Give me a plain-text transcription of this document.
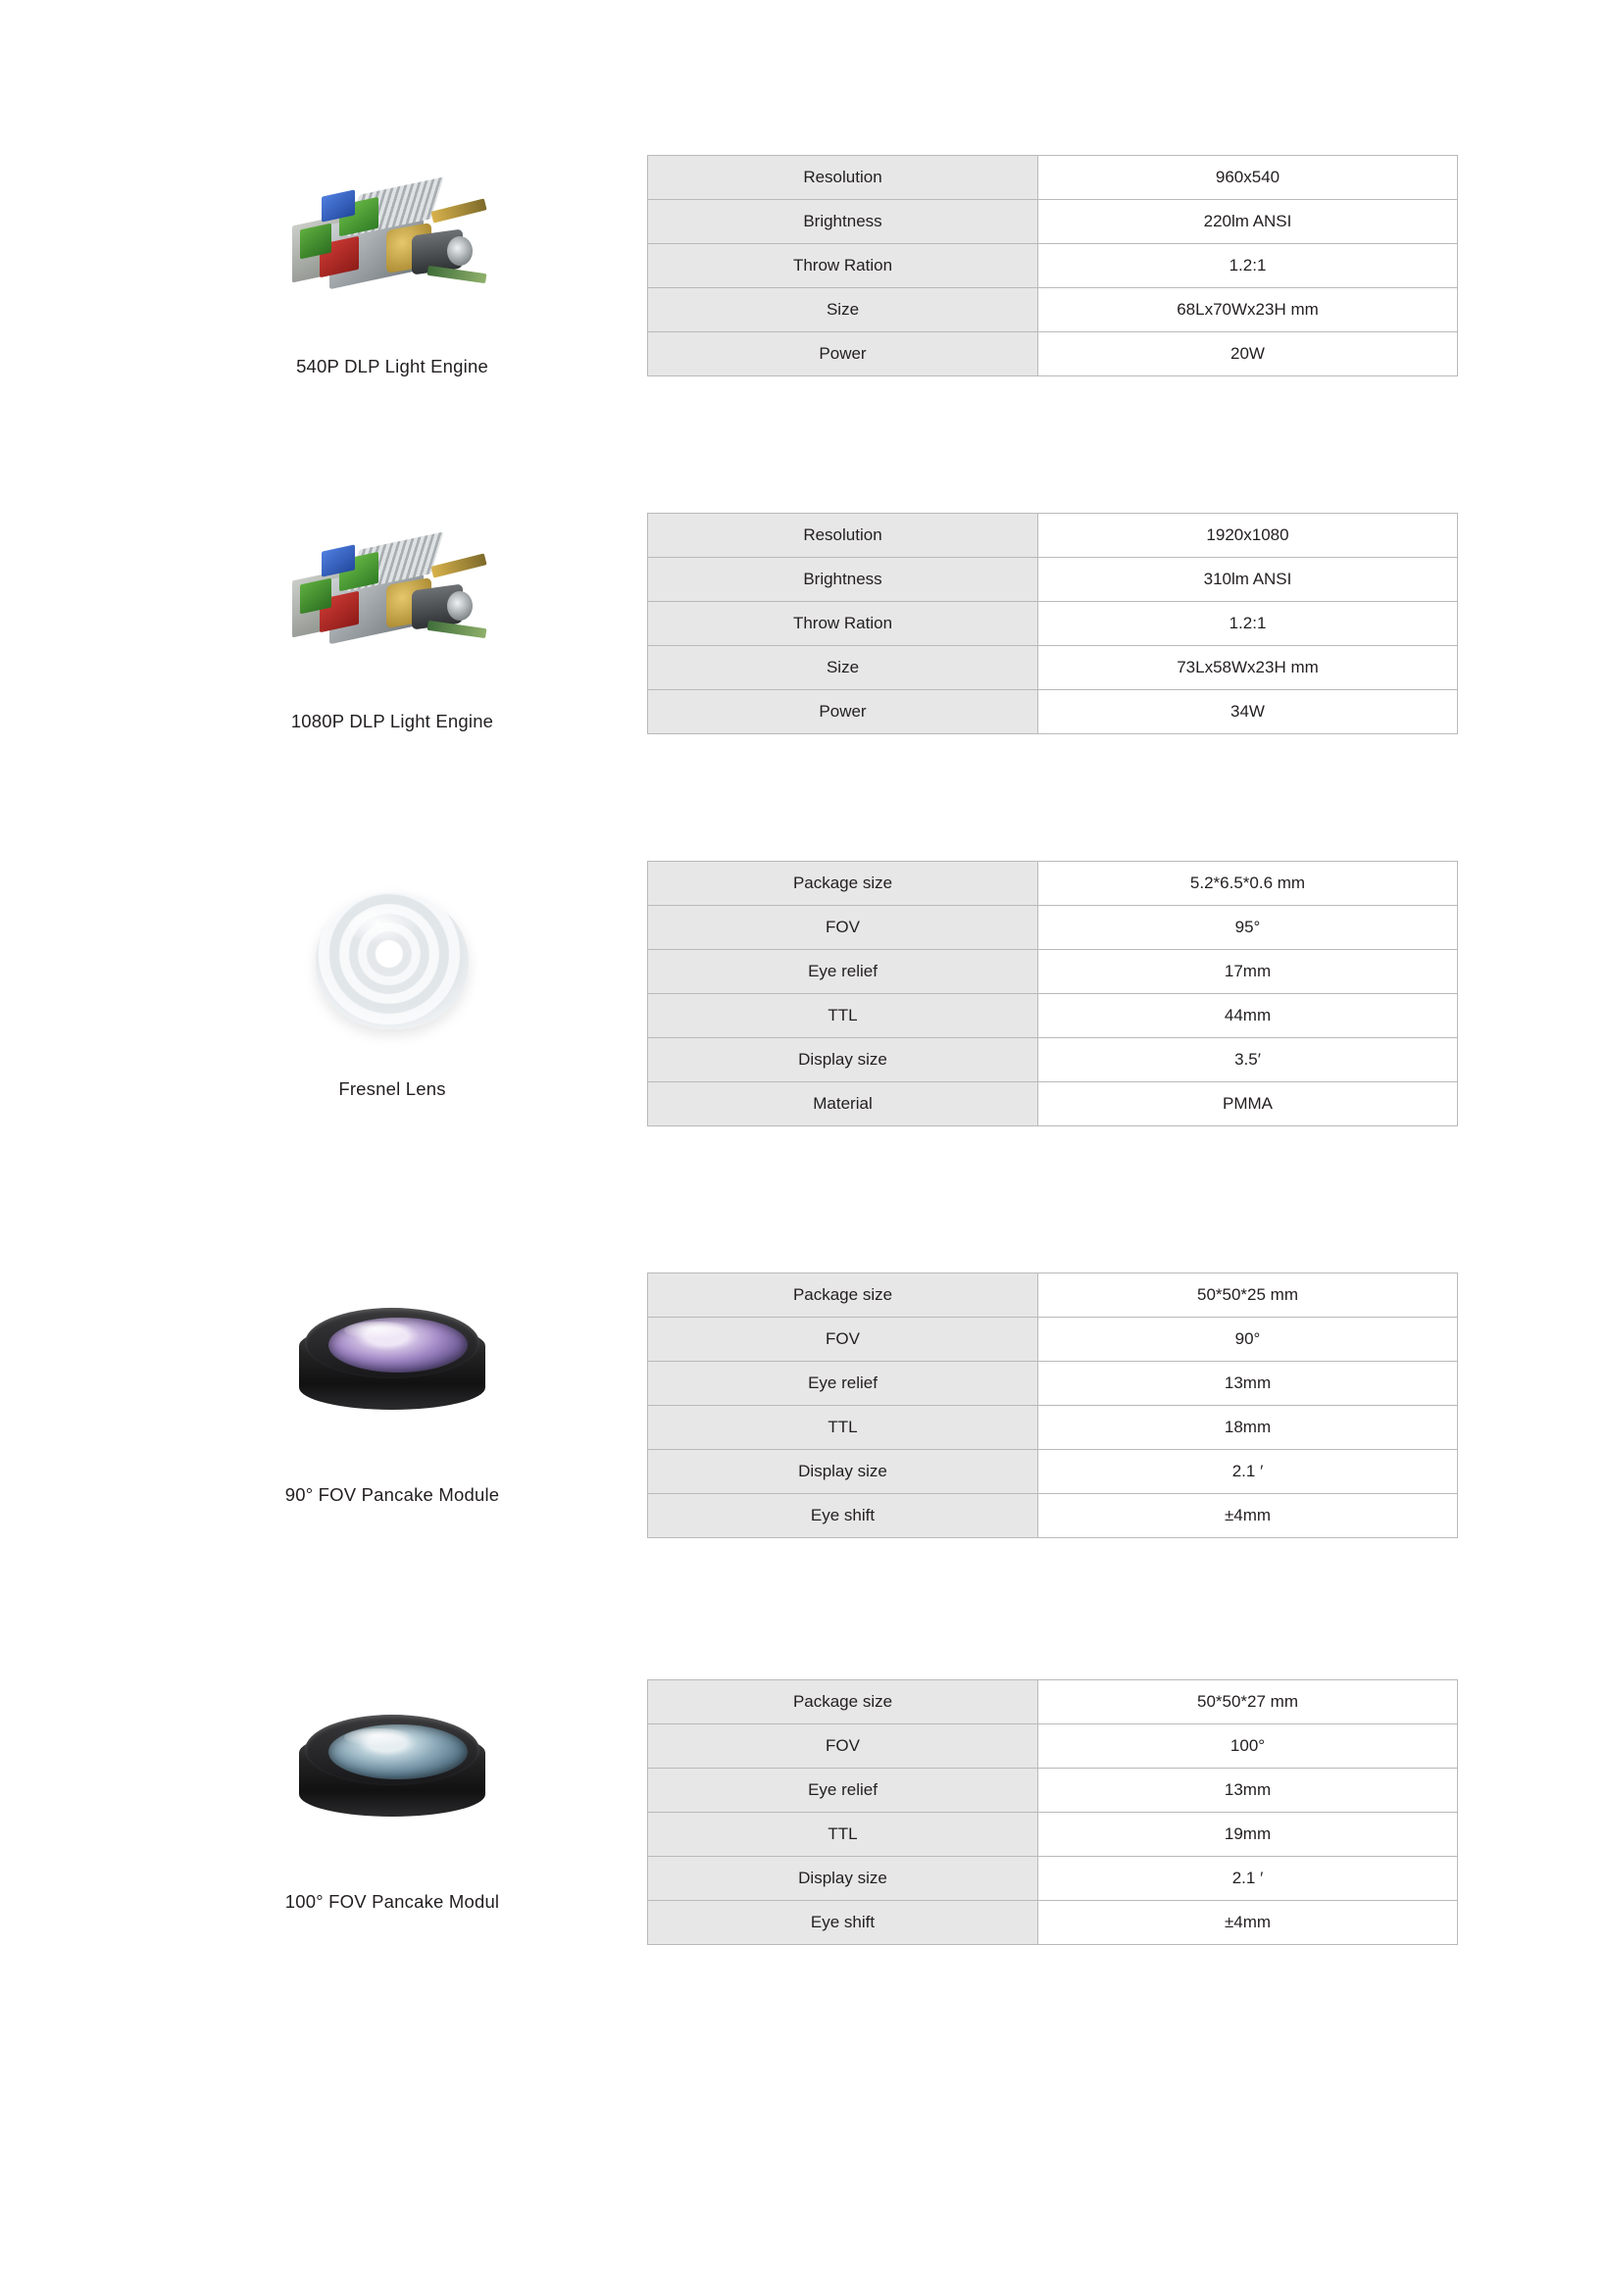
540P DLP Light Engine
Resolution	960x540
Brightness	220lm ANSI
Throw Ration	1.2:1
Size	68Lx70Wx23H mm
Power	20W
1080P DLP Light Engine
Resolution	1920x1080
Brightness	310lm ANSI
Throw Ration	1.2:1
Size	73Lx58Wx23H mm
Power	34W
Fresnel Lens
Package size	5.2*6.5*0.6 mm
FOV	95°
Eye relief	17mm
TTL	44mm
Display size	3.5′
Material	PMMA
90° FOV Pancake Module
Package size	50*50*25 mm
FOV	90°
Eye relief	13mm
TTL	18mm
Display size	2.1 ′
Eye shift	±4mm
100° FOV Pancake Modul
Package size	50*50*27 mm
FOV	100°
Eye relief	13mm
TTL	19mm
Display size	2.1 ′
Eye shift	±4mm
